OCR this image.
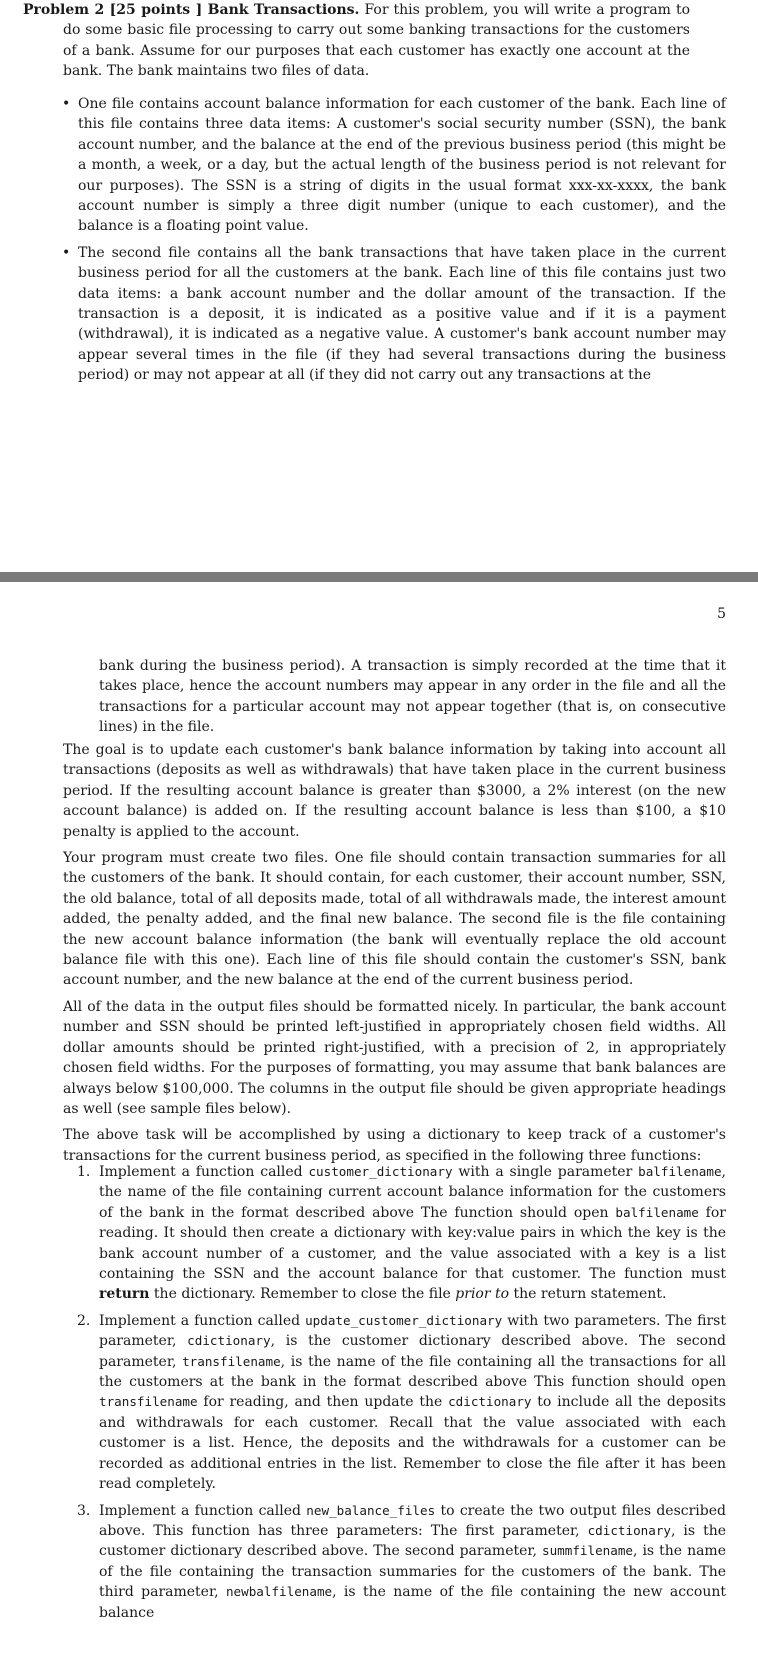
Problem 2 [25 points ] Bank Transactions. For this problem, you will write a program to do some basic file processing to carry out some banking transactions for the customers of a bank. Assume for our purposes that each customer has exactly one account at the bank. The bank maintains two files of data.

• One file contains account balance information for each customer of the bank. Each line of this file contains three data items: A customer's social security number (SSN), the bank account number, and the balance at the end of the previous business period (this might be a month, a week, or a day, but the actual length of the business period is not relevant for our purposes). The SSN is a string of digits in the usual format xxx-xx-xxxx, the bank account number is simply a three digit number (unique to each customer), and the balance is a floating point value.
• The second file contains all the bank transactions that have taken place in the current business period for all the customers at the bank. Each line of this file contains just two data items: a bank account number and the dollar amount of the transaction. If the transaction is a deposit, it is indicated as a positive value and if it is a payment (withdrawal), it is indicated as a negative value. A customer's bank account number may appear several times in the file (if they had several transactions during the business period) or may not appear at all (if they did not carry out any transactions at the
5

bank during the business period). A transaction is simply recorded at the time that it takes place, hence the account numbers may appear in any order in the file and all the transactions for a particular account may not appear together (that is, on consecutive lines) in the file.

The goal is to update each customer's bank balance information by taking into account all transactions (deposits as well as withdrawals) that have taken place in the current business period. If the resulting account balance is greater than $3000, a 2% interest (on the new account balance) is added on. If the resulting account balance is less than $100, a $10 penalty is applied to the account.

Your program must create two files. One file should contain transaction summaries for all the customers of the bank. It should contain, for each customer, their account number, SSN, the old balance, total of all deposits made, total of all withdrawals made, the interest amount added, the penalty added, and the final new balance. The second file is the file containing the new account balance information (the bank will eventually replace the old account balance file with this one). Each line of this file should contain the customer's SSN, bank account number, and the new balance at the end of the current business period.

All of the data in the output files should be formatted nicely. In particular, the bank account number and SSN should be printed left-justified in appropriately chosen field widths. All dollar amounts should be printed right-justified, with a precision of 2, in appropriately chosen field widths. For the purposes of formatting, you may assume that bank balances are always below $100,000. The columns in the output file should be given appropriate headings as well (see sample files below).

The above task will be accomplished by using a dictionary to keep track of a customer's transactions for the current business period, as specified in the following three functions:

1. Implement a function called customer_dictionary with a single parameter balfilename, the name of the file containing current account balance information for the customers of the bank in the format described above The function should open balfilename for reading. It should then create a dictionary with key:value pairs in which the key is the bank account number of a customer, and the value associated with a key is a list containing the SSN and the account balance for that customer. The function must return the dictionary. Remember to close the file prior to the return statement.
2. Implement a function called update_customer_dictionary with two parameters. The first parameter, cdictionary, is the customer dictionary described above. The second parameter, transfilename, is the name of the file containing all the transactions for all the customers at the bank in the format described above This function should open transfilename for reading, and then update the cdictionary to include all the deposits and withdrawals for each customer. Recall that the value associated with each customer is a list. Hence, the deposits and the withdrawals for a customer can be recorded as additional entries in the list. Remember to close the file after it has been read completely.
3. Implement a function called new_balance_files to create the two output files described above. This function has three parameters: The first parameter, cdictionary, is the customer dictionary described above. The second parameter, summfilename, is the name of the file containing the transaction summaries for the customers of the bank. The third parameter, newbalfilename, is the name of the file containing the new account balance
